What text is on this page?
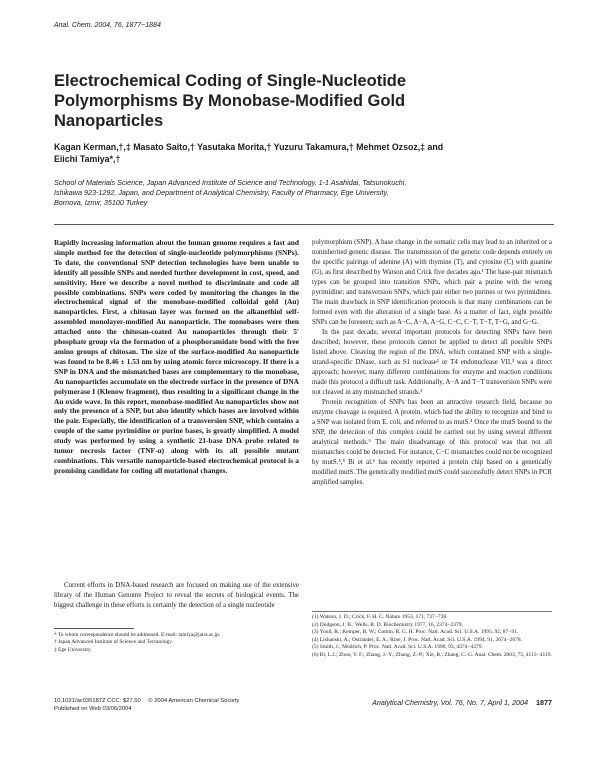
Anal. Chem. 2004, 76, 1877−1884
Electrochemical Coding of Single-Nucleotide
Polymorphisms By Monobase-Modified Gold
Nanoparticles
Kagan Kerman,†,‡ Masato Saito,† Yasutaka Morita,† Yuzuru Takamura,† Mehmet Ozsoz,‡ and
Eiichi Tamiya*,†
School of Materials Science, Japan Advanced Institute of Science and Technology, 1-1 Asahidai, Tatsunokuchi,
Ishikawa 923-1292, Japan, and Department of Analytical Chemistry, Faculty of Pharmacy, Ege University,
Bornova, Izmir, 35100 Turkey

Rapidly increasing information about the human genome requires a fast and simple method for the detection of single-nucleotide polymorphisms (SNPs). To date, the conventional SNP detection technologies have been unable to identify all possible SNPs and needed further development in cost, speed, and sensitivity. Here we describe a novel method to discriminate and code all possible combinations. SNPs were coded by monitoring the changes in the electrochemical signal of the monobase-modified colloidal gold (Au) nanoparticles. First, a chitosan layer was formed on the alkanethiol self-assembled monolayer-modified Au nanoparticle. The monobases were then attached onto the chitosan-coated Au nanoparticles through their 5′ phosphate group via the formation of a phosphoramidate bond with the free amino groups of chitosan. The size of the surface-modified Au nanoparticle was found to be 8.46 ± 1.53 nm by using atomic force microscopy. If there is a SNP in DNA and the mismatched bases are complementary to the monobase, Au nanoparticles accumulate on the electrode surface in the presence of DNA polymerase I (Klenow fragment), thus resulting in a significant change in the Au oxide wave. In this report, monobase-modified Au nanoparticles show not only the presence of a SNP, but also identify which bases are involved within the pair. Especially, the identification of a transversion SNP, which contains a couple of the same pyrimidine or purine bases, is greatly simplified. A model study was performed by using a synthetic 21-base DNA probe related to tumor necrosis factor (TNF-α) along with its all possible mutant combinations. This versatile nanoparticle-based electrochemical protocol is a promising candidate for coding all mutational changes.

Current efforts in DNA-based research are focused on making use of the extensive library of the Human Genome Project to reveal the secrets of biological events. The biggest challenge in these efforts is certainly the detection of a single nucleotide

* To whom correspondence should be addressed. E-mail: tamiya@jaist.ac.jp.
† Japan Advanced Institute of Science and Technology.
‡ Ege University.

polymorphism (SNP). A base change in the somatic cells may lead to an inherited or a noninherited genetic disease. The transmission of the genetic code depends entirely on the specific pairings of adenine (A) with thymine (T), and cytosine (C) with guanine (G), as first described by Watson and Crick five decades ago.¹ The base-pair mismatch types can be grouped into transition SNPs, which pair a purine with the wrong pyrimidine; and transversion SNPs, which pair either two purines or two pyrimidines. The main drawback in SNP identification protocols is that many combinations can be formed even with the alteration of a single base. As a matter of fact, eight possible SNPs can be foreseen; such as A−C, A−A, A−G, C−C, C−T, T−T, T−G, and G−G.

In the past decade, several important protocols for detecting SNPs have been described; however, these protocols cannot be applied to detect all possible SNPs listed above. Cleaving the region of the DNA, which contained SNP with a single-strand-specific DNase, such as S1 nuclease² or T4 endonuclease VII,³ was a direct approach; however, many different combinations for enzyme and reaction conditions made this protocol a difficult task. Additionally, A−A and T−T transversion SNPs were not cleaved in any mismatched strands.³

Protein recognition of SNPs has been an attractive research field, because no enzyme cleavage is required. A protein, which had the ability to recognize and bind to a SNP was isolated from E. coli, and referred to as mutS.⁴ Once the mutS bound to the SNP, the detection of this complex could be carried out by using several different analytical methods.⁵ The main disadvantage of this protocol was that not all mismatches could be detected. For instance, C−C mismatches could not be recognized by mutS.⁴,⁵ Bi et al.⁶ has recently reported a protein chip based on a genetically modified mutS. The genetically modified mutS could successfully detect SNPs in PCR amplified samples.

(1) Watson, J. D.; Crick, F. H. C. Nature 1953, 171, 737−738.
(2) Dodgson, J. B.; Wells, R. D. Biochemistry 1977, 16, 2374−2379.
(3) Youil, R.; Kemper, B. W.; Cotton, R. G. H. Proc. Natl. Acad. Sci. U.S.A. 1995, 92, 87−91.
(4) Lishanski, A.; Ostrander, E. A.; Rine, J. Proc. Natl. Acad. Sci. U.S.A. 1994, 91, 2674−2678.
(5) Smith, J.; Modrich, P. Proc. Natl. Acad. Sci. U.S.A. 1996, 93, 4374−4379.
(6) Bi, L.J.; Zhou, Y. F.; Zhang, J.-Y.; Zhang, Z.-P.; Xie, B.; Zhang, C.-G. Anal. Chem. 2003, 75, 4113−4119.
10.1021/ac035187Z CCC: $27.50 © 2004 American Chemical Society
Published on Web 03/06/2004
Analytical Chemistry, Vol. 76, No. 7, April 1, 2004 1877
